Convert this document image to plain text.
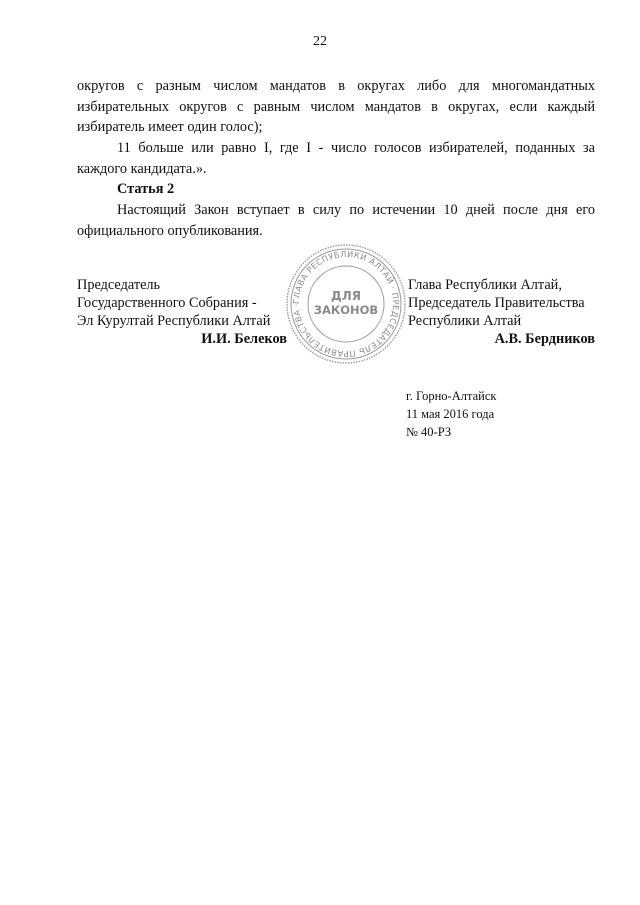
22
округов с разным числом мандатов в округах либо для многомандатных
избирательных округов с равным числом мандатов в округах, если каждый
избиратель имеет один голос);
11 больше или равно I, где I - число голосов избирателей, поданных за
каждого кандидата.».
Статья 2
Настоящий Закон вступает в силу по истечении 10 дней после дня его
официального опубликования.
Председатель
Государственного Собрания -
Эл Курултай Республики Алтай
И.И. Белеков
Глава Республики Алтай,
Председатель Правительства
Республики Алтай
А.В. Бердников
ГЛАВА РЕСПУБЛИКИ АЛТАЙ · ПРЕДСЕДАТЕЛЬ ПРАВИТЕЛЬСТВА ·
ДЛЯ
ЗАКОНОВ
г. Горно-Алтайск
11 мая 2016 года
№ 40-РЗ
